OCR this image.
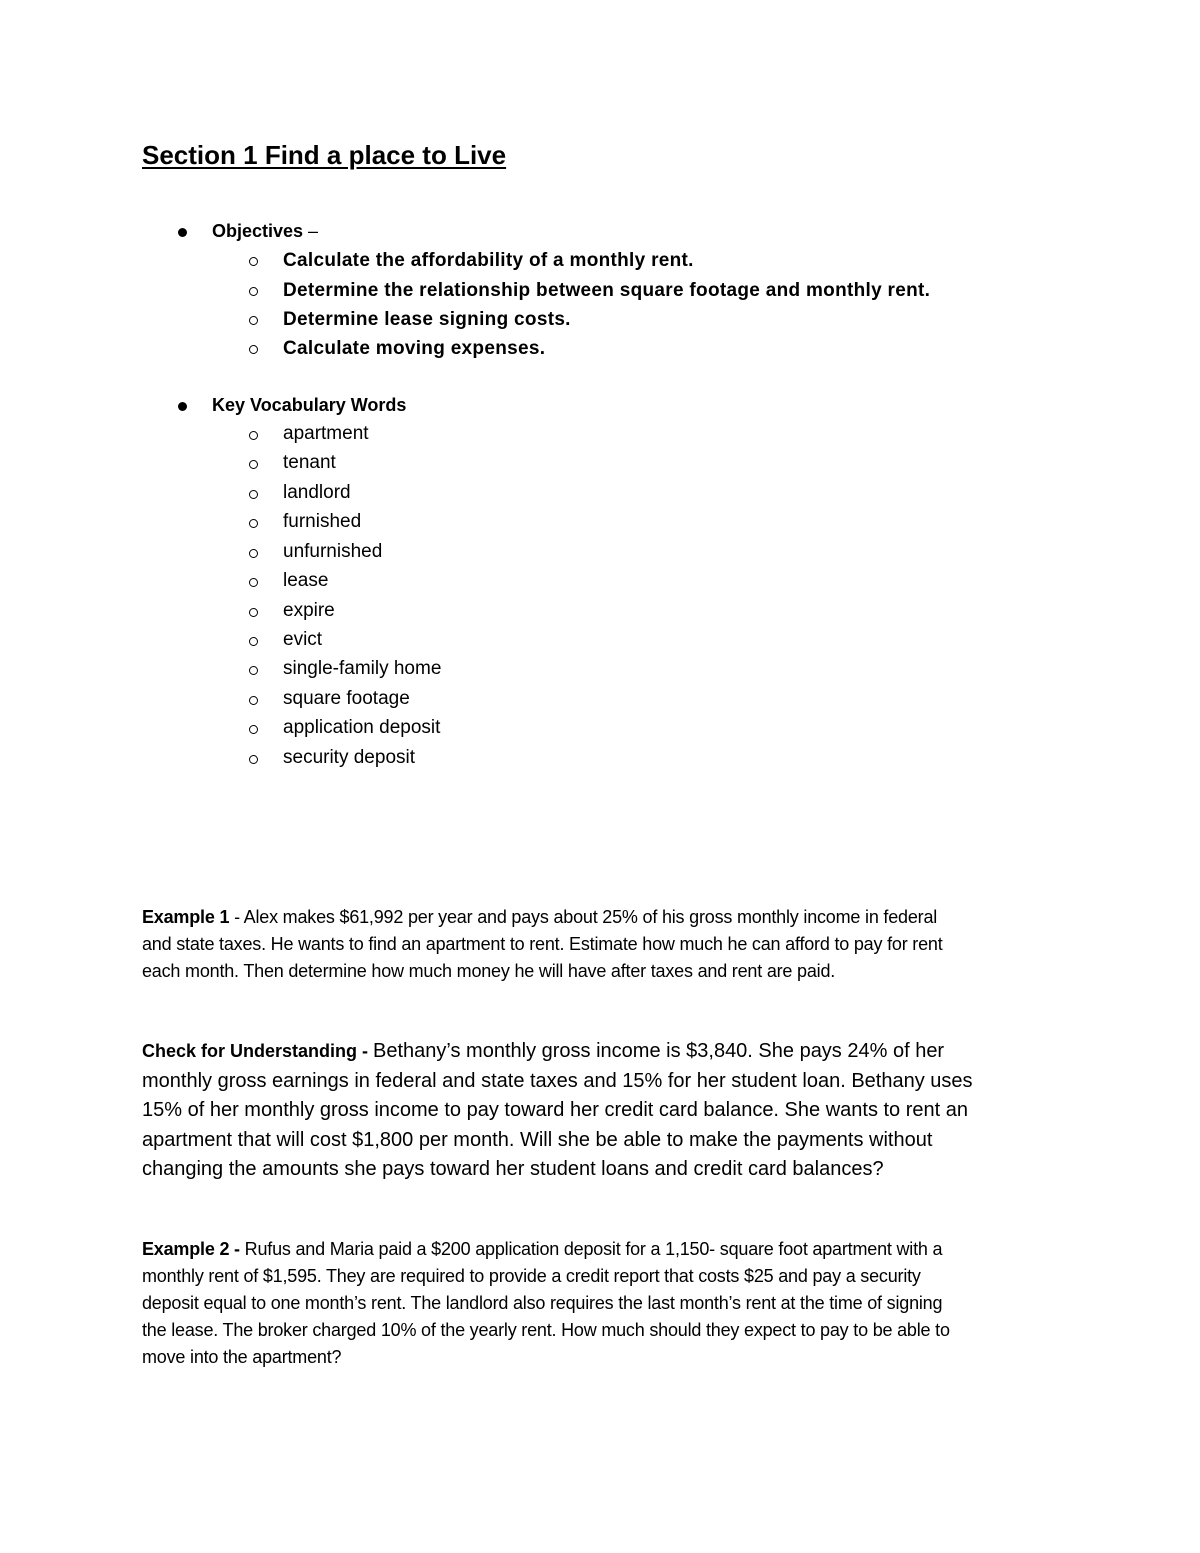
Section 1 Find a place to Live
Objectives –
Calculate the affordability of a monthly rent.
Determine the relationship between square footage and monthly rent.
Determine lease signing costs.
Calculate moving expenses.
Key Vocabulary Words
apartment
tenant
landlord
furnished
unfurnished
lease
expire
evict
single-family home
square footage
application deposit
security deposit

Example 1 - Alex makes $61,992 per year and pays about 25% of his gross monthly income in federal
and state taxes. He wants to find an apartment to rent. Estimate how much he can afford to pay for rent
each month. Then determine how much money he will have after taxes and rent are paid.

Check for Understanding - Bethany’s monthly gross income is $3,840. She pays 24% of her
monthly gross earnings in federal and state taxes and 15% for her student loan. Bethany uses
15% of her monthly gross income to pay toward her credit card balance. She wants to rent an
apartment that will cost $1,800 per month. Will she be able to make the payments without
changing the amounts she pays toward her student loans and credit card balances?

Example 2 - Rufus and Maria paid a $200 application deposit for a 1,150- square foot apartment with a
monthly rent of $1,595. They are required to provide a credit report that costs $25 and pay a security
deposit equal to one month’s rent. The landlord also requires the last month’s rent at the time of signing
the lease. The broker charged 10% of the yearly rent. How much should they expect to pay to be able to
move into the apartment?
